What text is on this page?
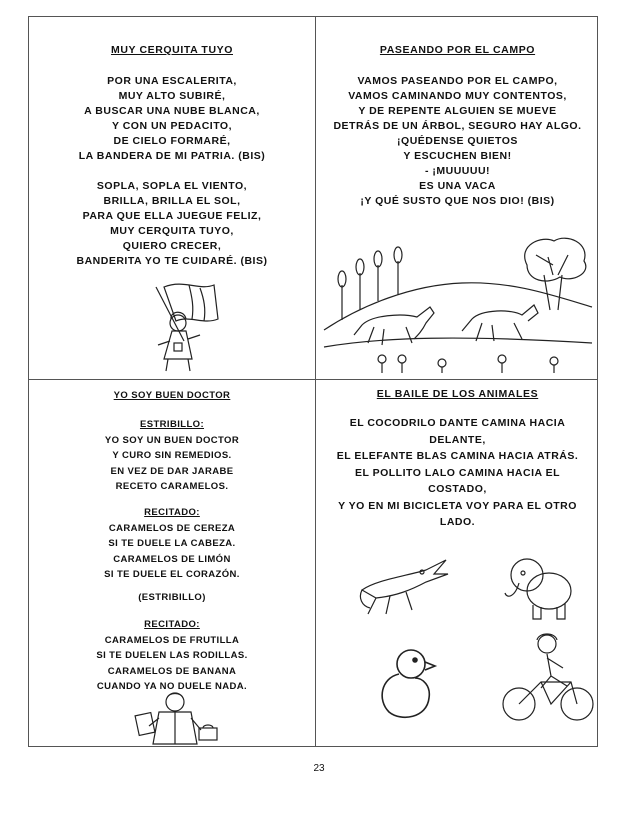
MUY CERQUITA TUYO
POR UNA ESCALERITA,
MUY ALTO SUBIRÉ,
A BUSCAR UNA NUBE BLANCA,
Y CON UN PEDACITO,
DE CIELO FORMARÉ,
LA BANDERA DE MI PATRIA. (BIS)
SOPLA, SOPLA EL VIENTO,
BRILLA, BRILLA EL SOL,
PARA QUE ELLA JUEGUE FELIZ,
MUY CERQUITA TUYO,
QUIERO CRECER,
BANDERITA YO TE CUIDARÉ. (BIS)
PASEANDO POR EL CAMPO
VAMOS PASEANDO POR EL CAMPO,
VAMOS CAMINANDO MUY CONTENTOS,
Y DE REPENTE ALGUIEN SE MUEVE
DETRÁS DE UN ÁRBOL, SEGURO HAY ALGO.
¡QUÉDENSE QUIETOS
Y ESCUCHEN BIEN!
- ¡MUUUUU!
ES UNA VACA
¡Y QUÉ SUSTO QUE NOS DIO! (BIS)
YO SOY BUEN DOCTOR
ESTRIBILLO:
YO SOY UN BUEN DOCTOR
Y CURO SIN REMEDIOS.
EN VEZ DE DAR JARABE
RECETO CARAMELOS.
RECITADO:
CARAMELOS DE CEREZA
SI TE DUELE LA CABEZA.
CARAMELOS DE LIMÓN
SI TE DUELE EL CORAZÓN.
(ESTRIBILLO)
RECITADO:
CARAMELOS DE FRUTILLA
SI TE DUELEN LAS RODILLAS.
CARAMELOS DE BANANA
CUANDO YA NO DUELE NADA.
EL BAILE DE LOS ANIMALES
EL COCODRILO DANTE CAMINA HACIA
DELANTE,
EL ELEFANTE BLAS CAMINA HACIA ATRÁS.
EL POLLITO LALO CAMINA HACIA EL
COSTADO,
Y YO EN MI BICICLETA VOY PARA EL OTRO
LADO.
23
